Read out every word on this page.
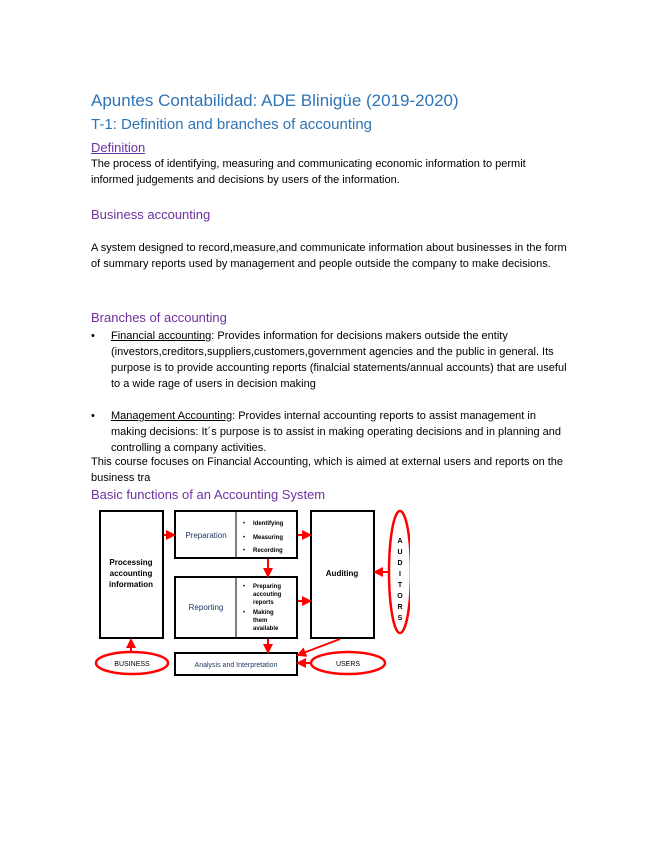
Apuntes Contabilidad: ADE Blinigüe (2019-2020)
T-1: Definition and branches of accounting
Definition
The process of identifying, measuring and communicating economic information to permit informed judgements and decisions by users of the information.
Business accounting
A system designed to record,measure,and communicate information about businesses in the form of summary reports used by management and people outside the company to make decisions.
Branches of accounting
• Financial accounting: Provides information for decisions makers outside the entity (investors,creditors,suppliers,customers,government agencies and the public in general. Its purpose is to provide accounting reports (finalcial statements/annual accounts) that are useful to a wide rage of users in decision making
• Management Accounting: Provides internal accounting reports to assist management in making decisions: It´s purpose is to assist in making operating decisions and in planning and controlling a company activities.
This course focuses on Financial Accounting, which is aimed at external users and reports on the business tra
Basic functions of an Accounting System
Processing
accounting
information
Preparation
• Identifying
• Measuring
• Recording
Reporting
• Preparing
accouting
reports
• Making
them
available
Auditing
A
U
D
I
T
O
R
S
BUSINESS	Analysis and Interpretation	USERS
